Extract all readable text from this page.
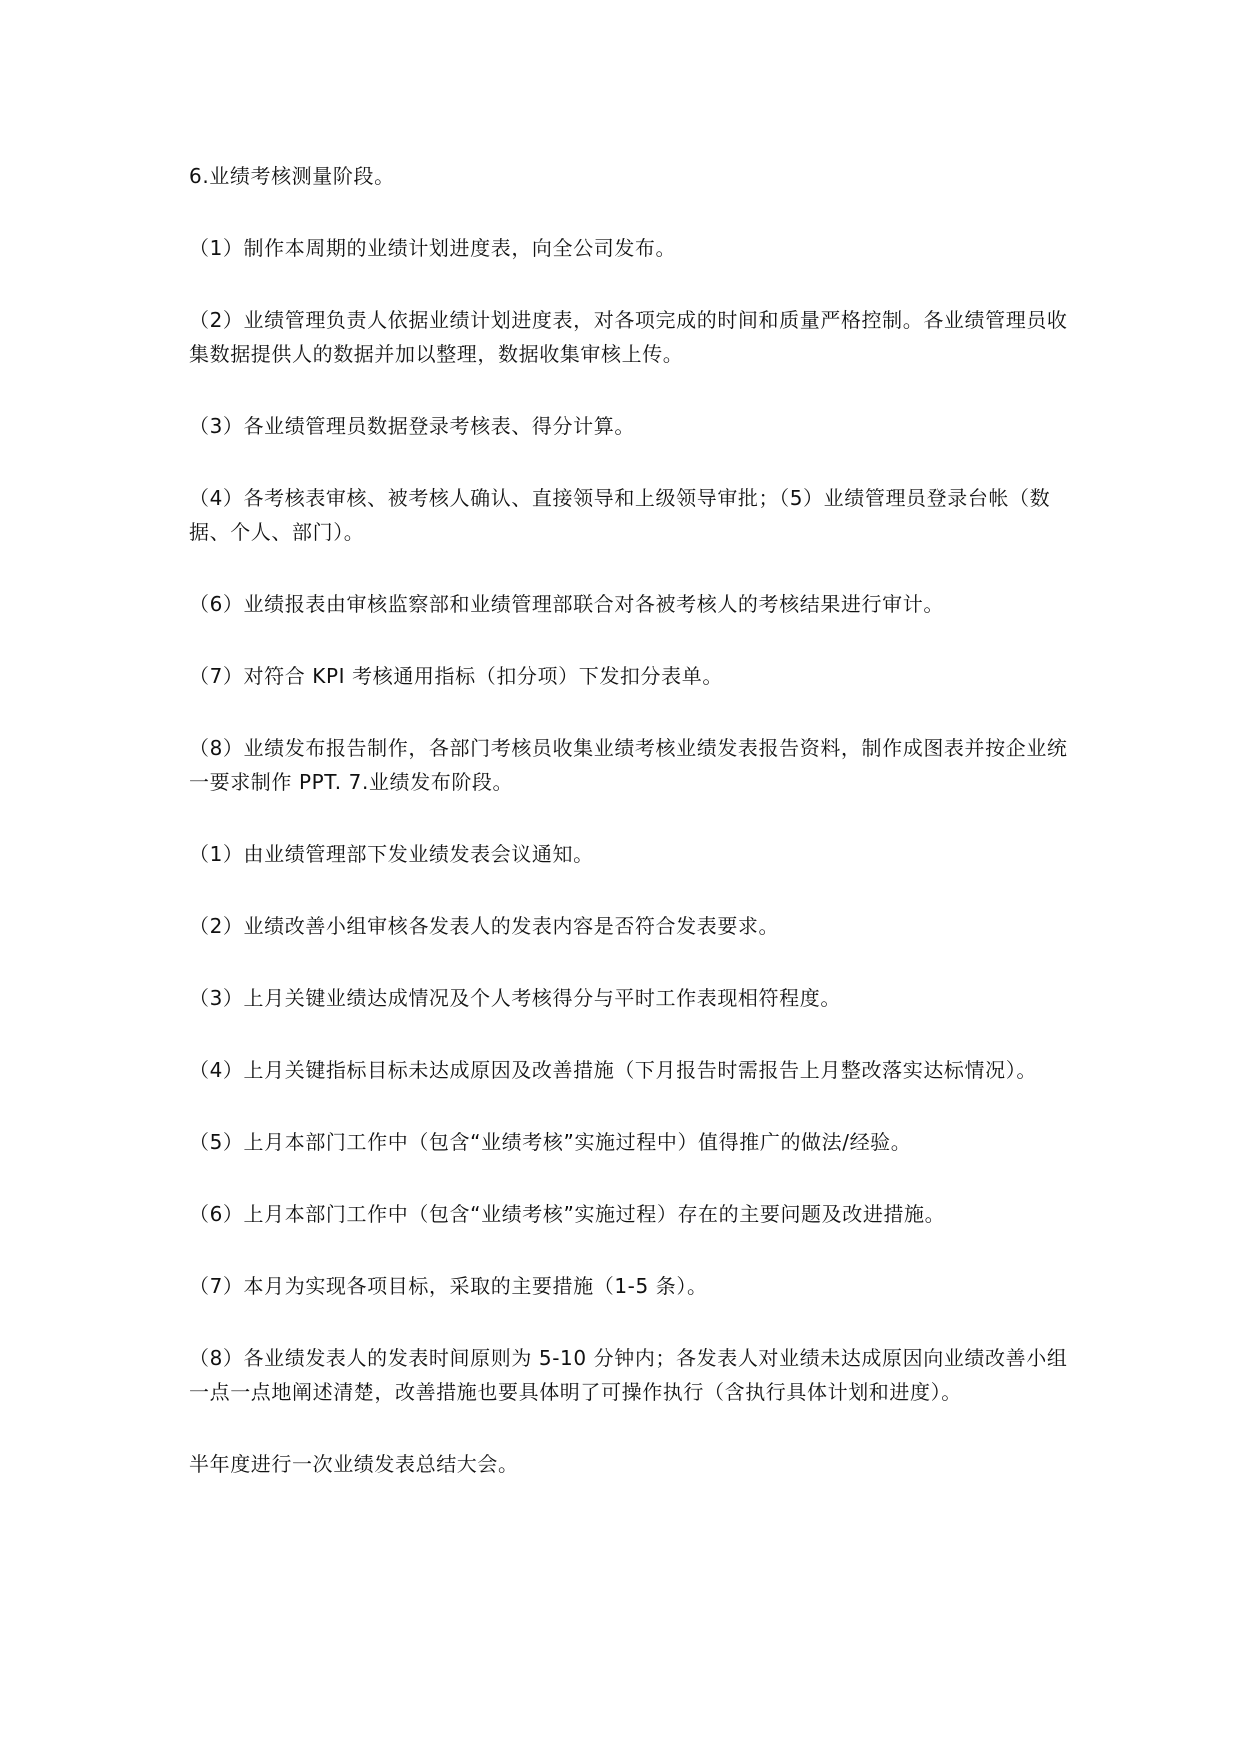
6.业绩考核测量阶段。

（1）制作本周期的业绩计划进度表，向全公司发布。

（2）业绩管理负责人依据业绩计划进度表，对各项完成的时间和质量严格控制。各业绩管理员收集数据提供人的数据并加以整理，数据收集审核上传。

（3）各业绩管理员数据登录考核表、得分计算。

（4）各考核表审核、被考核人确认、直接领导和上级领导审批；（5）业绩管理员登录台帐（数据、个人、部门）。

（6）业绩报表由审核监察部和业绩管理部联合对各被考核人的考核结果进行审计。

（7）对符合 KPI 考核通用指标（扣分项）下发扣分表单。

（8）业绩发布报告制作，各部门考核员收集业绩考核业绩发表报告资料，制作成图表并按企业统一要求制作 PPT. 7.业绩发布阶段。

（1）由业绩管理部下发业绩发表会议通知。

（2）业绩改善小组审核各发表人的发表内容是否符合发表要求。

（3）上月关键业绩达成情况及个人考核得分与平时工作表现相符程度。

（4）上月关键指标目标未达成原因及改善措施（下月报告时需报告上月整改落实达标情况）。

（5）上月本部门工作中（包含“业绩考核”实施过程中）值得推广的做法/经验。

（6）上月本部门工作中（包含“业绩考核”实施过程）存在的主要问题及改进措施。

（7）本月为实现各项目标，采取的主要措施（1-5 条）。

（8）各业绩发表人的发表时间原则为 5-10 分钟内；各发表人对业绩未达成原因向业绩改善小组一点一点地阐述清楚，改善措施也要具体明了可操作执行（含执行具体计划和进度）。

半年度进行一次业绩发表总结大会。
